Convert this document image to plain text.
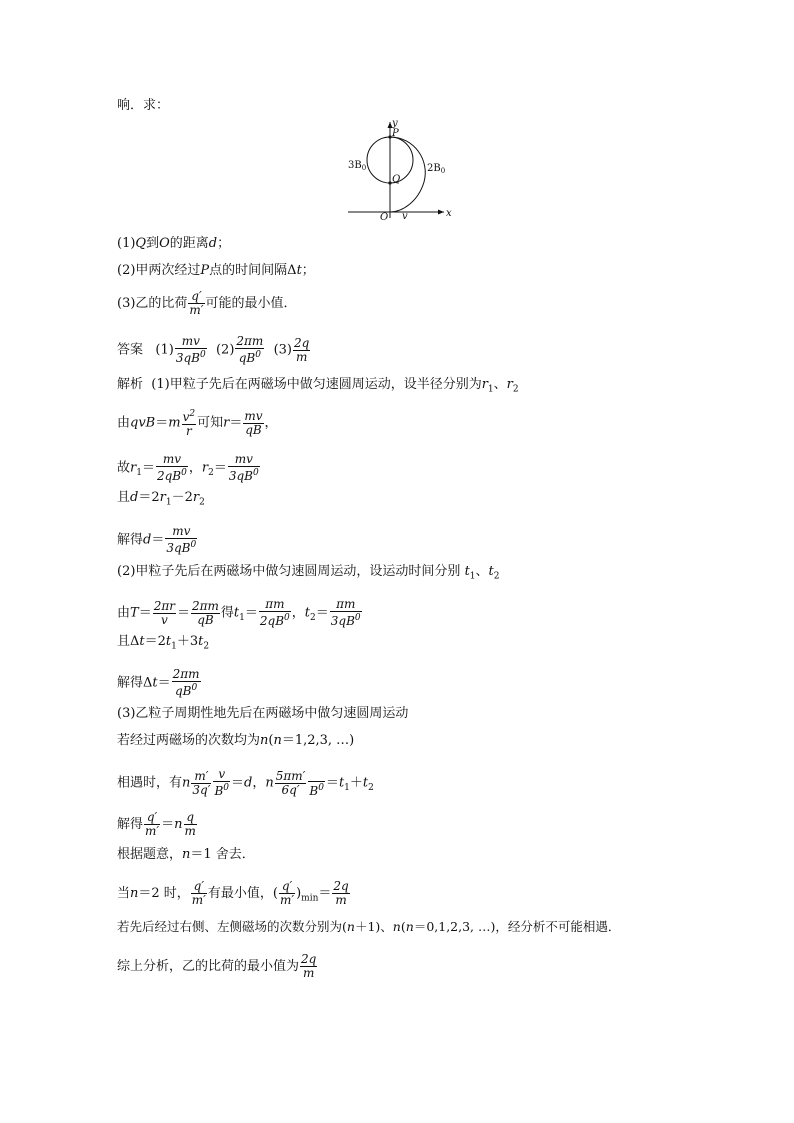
响．求：
y
x
P
Q
O v
$3B_0$	$2B_0$
(1)Q到O的距离d；
(2)甲两次经过P点的时间间隔Δt；
(3)乙的比荷 $\frac{q'}{m'}$ 可能的最小值．
答案 $(1) \frac{mv}{3qB^0} (2) \frac{2\pi m}{qB^0} (3) \frac{2q}{m}$
解析 (1)甲粒子先后在两磁场中做匀速圆周运动，设半径分别为$r_1$、$r_2$
由$qvB=m \frac{v^2}{r}$ 可知$r= \frac{mv}{qB}$ ，
故$r_1= \frac{mv}{2qB^0}$ ，$r_2= \frac{mv}{3qB^0}$
且$d=2r_1-2r_2$
解得$d= \frac{mv}{3qB^0}$
(2)甲粒子先后在两磁场中做匀速圆周运动，设运动时间分别 $t_1$、$t_2$
由$T= \frac{2\pi r}{v} = \frac{2\pi m}{qB}$ 得$t_1= \frac{\pi m}{2qB^0}$ ，$t_2= \frac{\pi m}{3qB^0}$
且$\Delta t=2t_1+3t_2$
解得$\Delta t= \frac{2\pi m}{qB^0}$
(3)乙粒子周期性地先后在两磁场中做匀速圆周运动
若经过两磁场的次数均为n(n＝1,2,3, …)
相遇时，有n $\frac{m'}{3q'} \frac{v}{B^0} =d$，n $\frac{5\pi m'}{6q'}$
$B^0 =t_1+t_2$
解得 $\frac{q'}{m'} =n \frac{q}{m}$
根据题意，n＝1 舍去．
当n＝2 时， $\frac{q'}{m'}$ 有最小值，( $\frac{q'}{m'} )_{min}= \frac{2q}{m}$
若先后经过右侧、左侧磁场的次数分别为(n＋1)、n(n＝0,1,2,3, …)，经分析不可能相遇．
综上分析，乙的比荷的最小值为 $\frac{2q}{m}$
